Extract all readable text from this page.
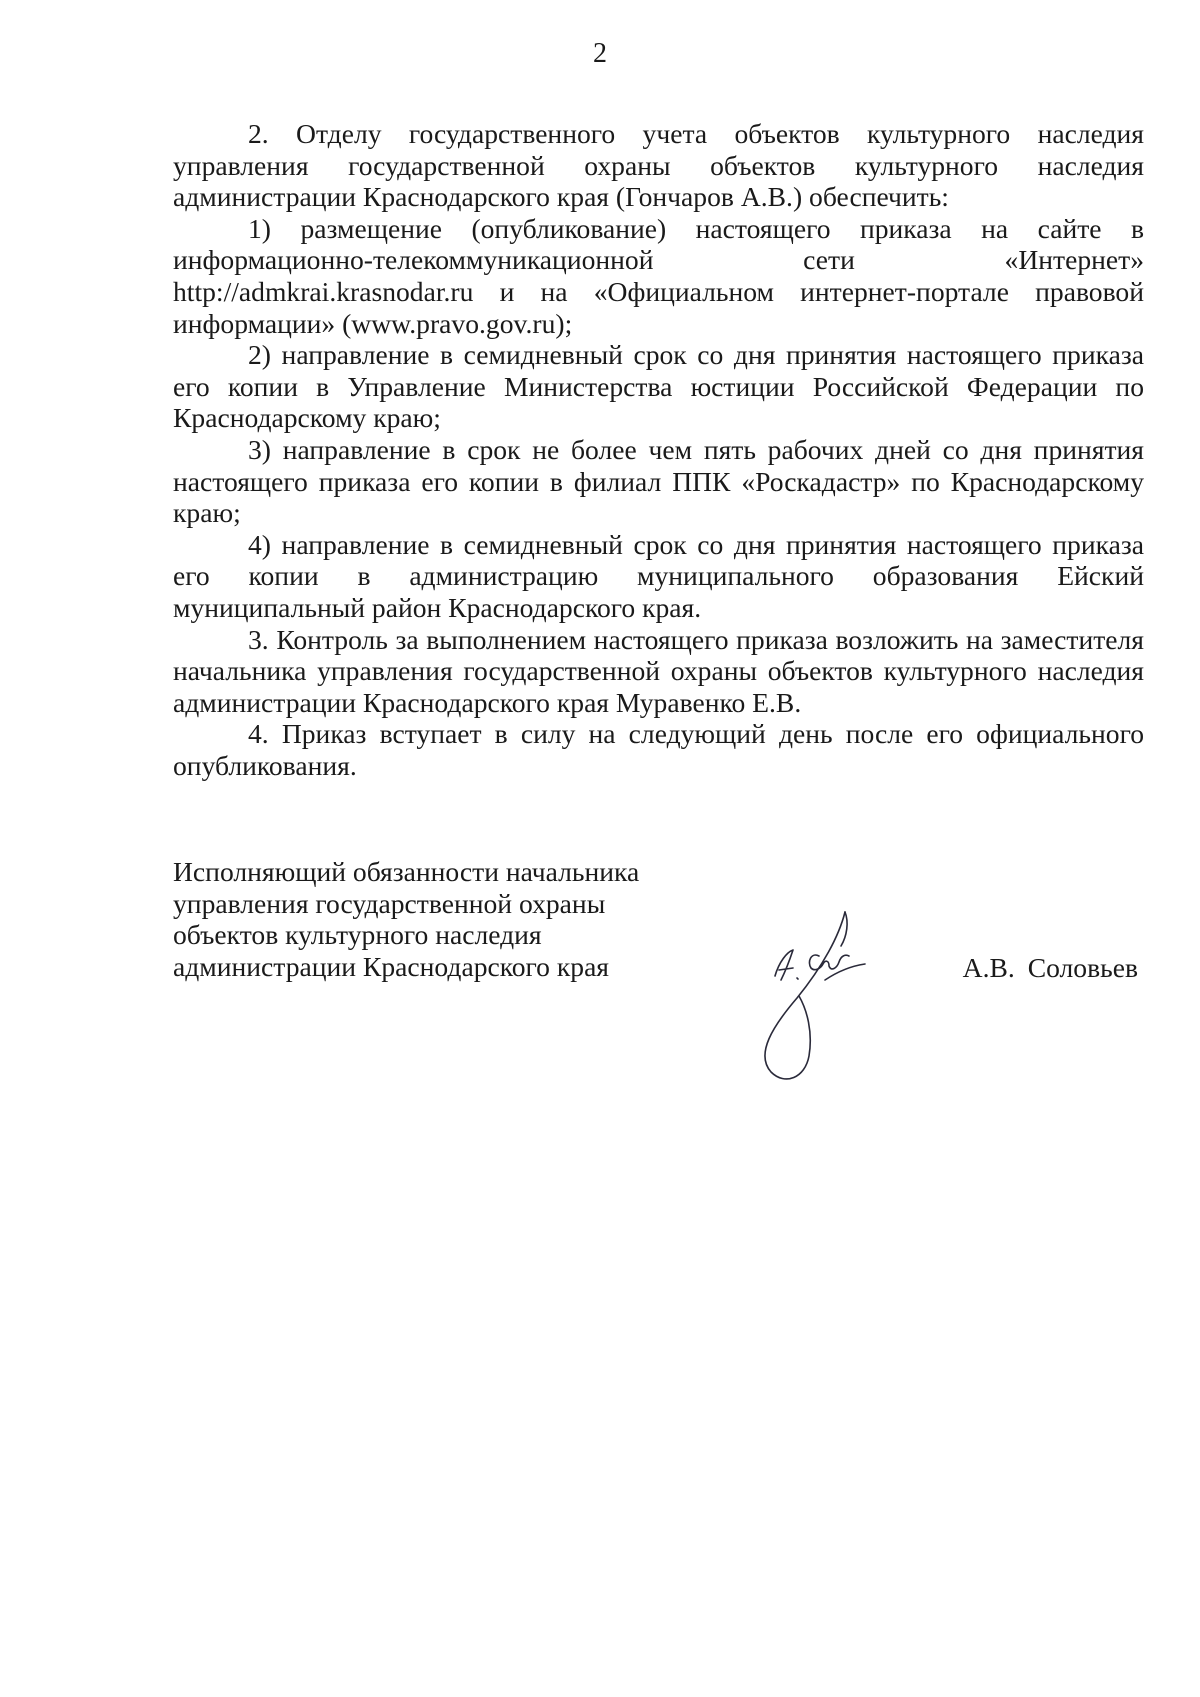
2

2. Отделу государственного учета объектов культурного наследия управления государственной охраны объектов культурного наследия администрации Краснодарского края (Гончаров А.В.) обеспечить:

1) размещение (опубликование) настоящего приказа на сайте в информационно-телекоммуникационной сети «Интернет» http://admkrai.krasnodar.ru и на «Официальном интернет-портале правовой информации» (www.pravo.gov.ru);

2) направление в семидневный срок со дня принятия настоящего приказа его копии в Управление Министерства юстиции Российской Федерации по Краснодарскому краю;

3) направление в срок не более чем пять рабочих дней со дня принятия настоящего приказа его копии в филиал ППК «Роскадастр» по Краснодарскому краю;

4) направление в семидневный срок со дня принятия настоящего приказа его копии в администрацию муниципального образования Ейский муниципальный район Краснодарского края.

3. Контроль за выполнением настоящего приказа возложить на заместителя начальника управления государственной охраны объектов культурного наследия администрации Краснодарского края Муравенко Е.В.

4. Приказ вступает в силу на следующий день после его официального опубликования.

Исполняющий обязанности начальника
управления государственной охраны
объектов культурного наследия
администрации Краснодарского края	А.В. Соловьев
